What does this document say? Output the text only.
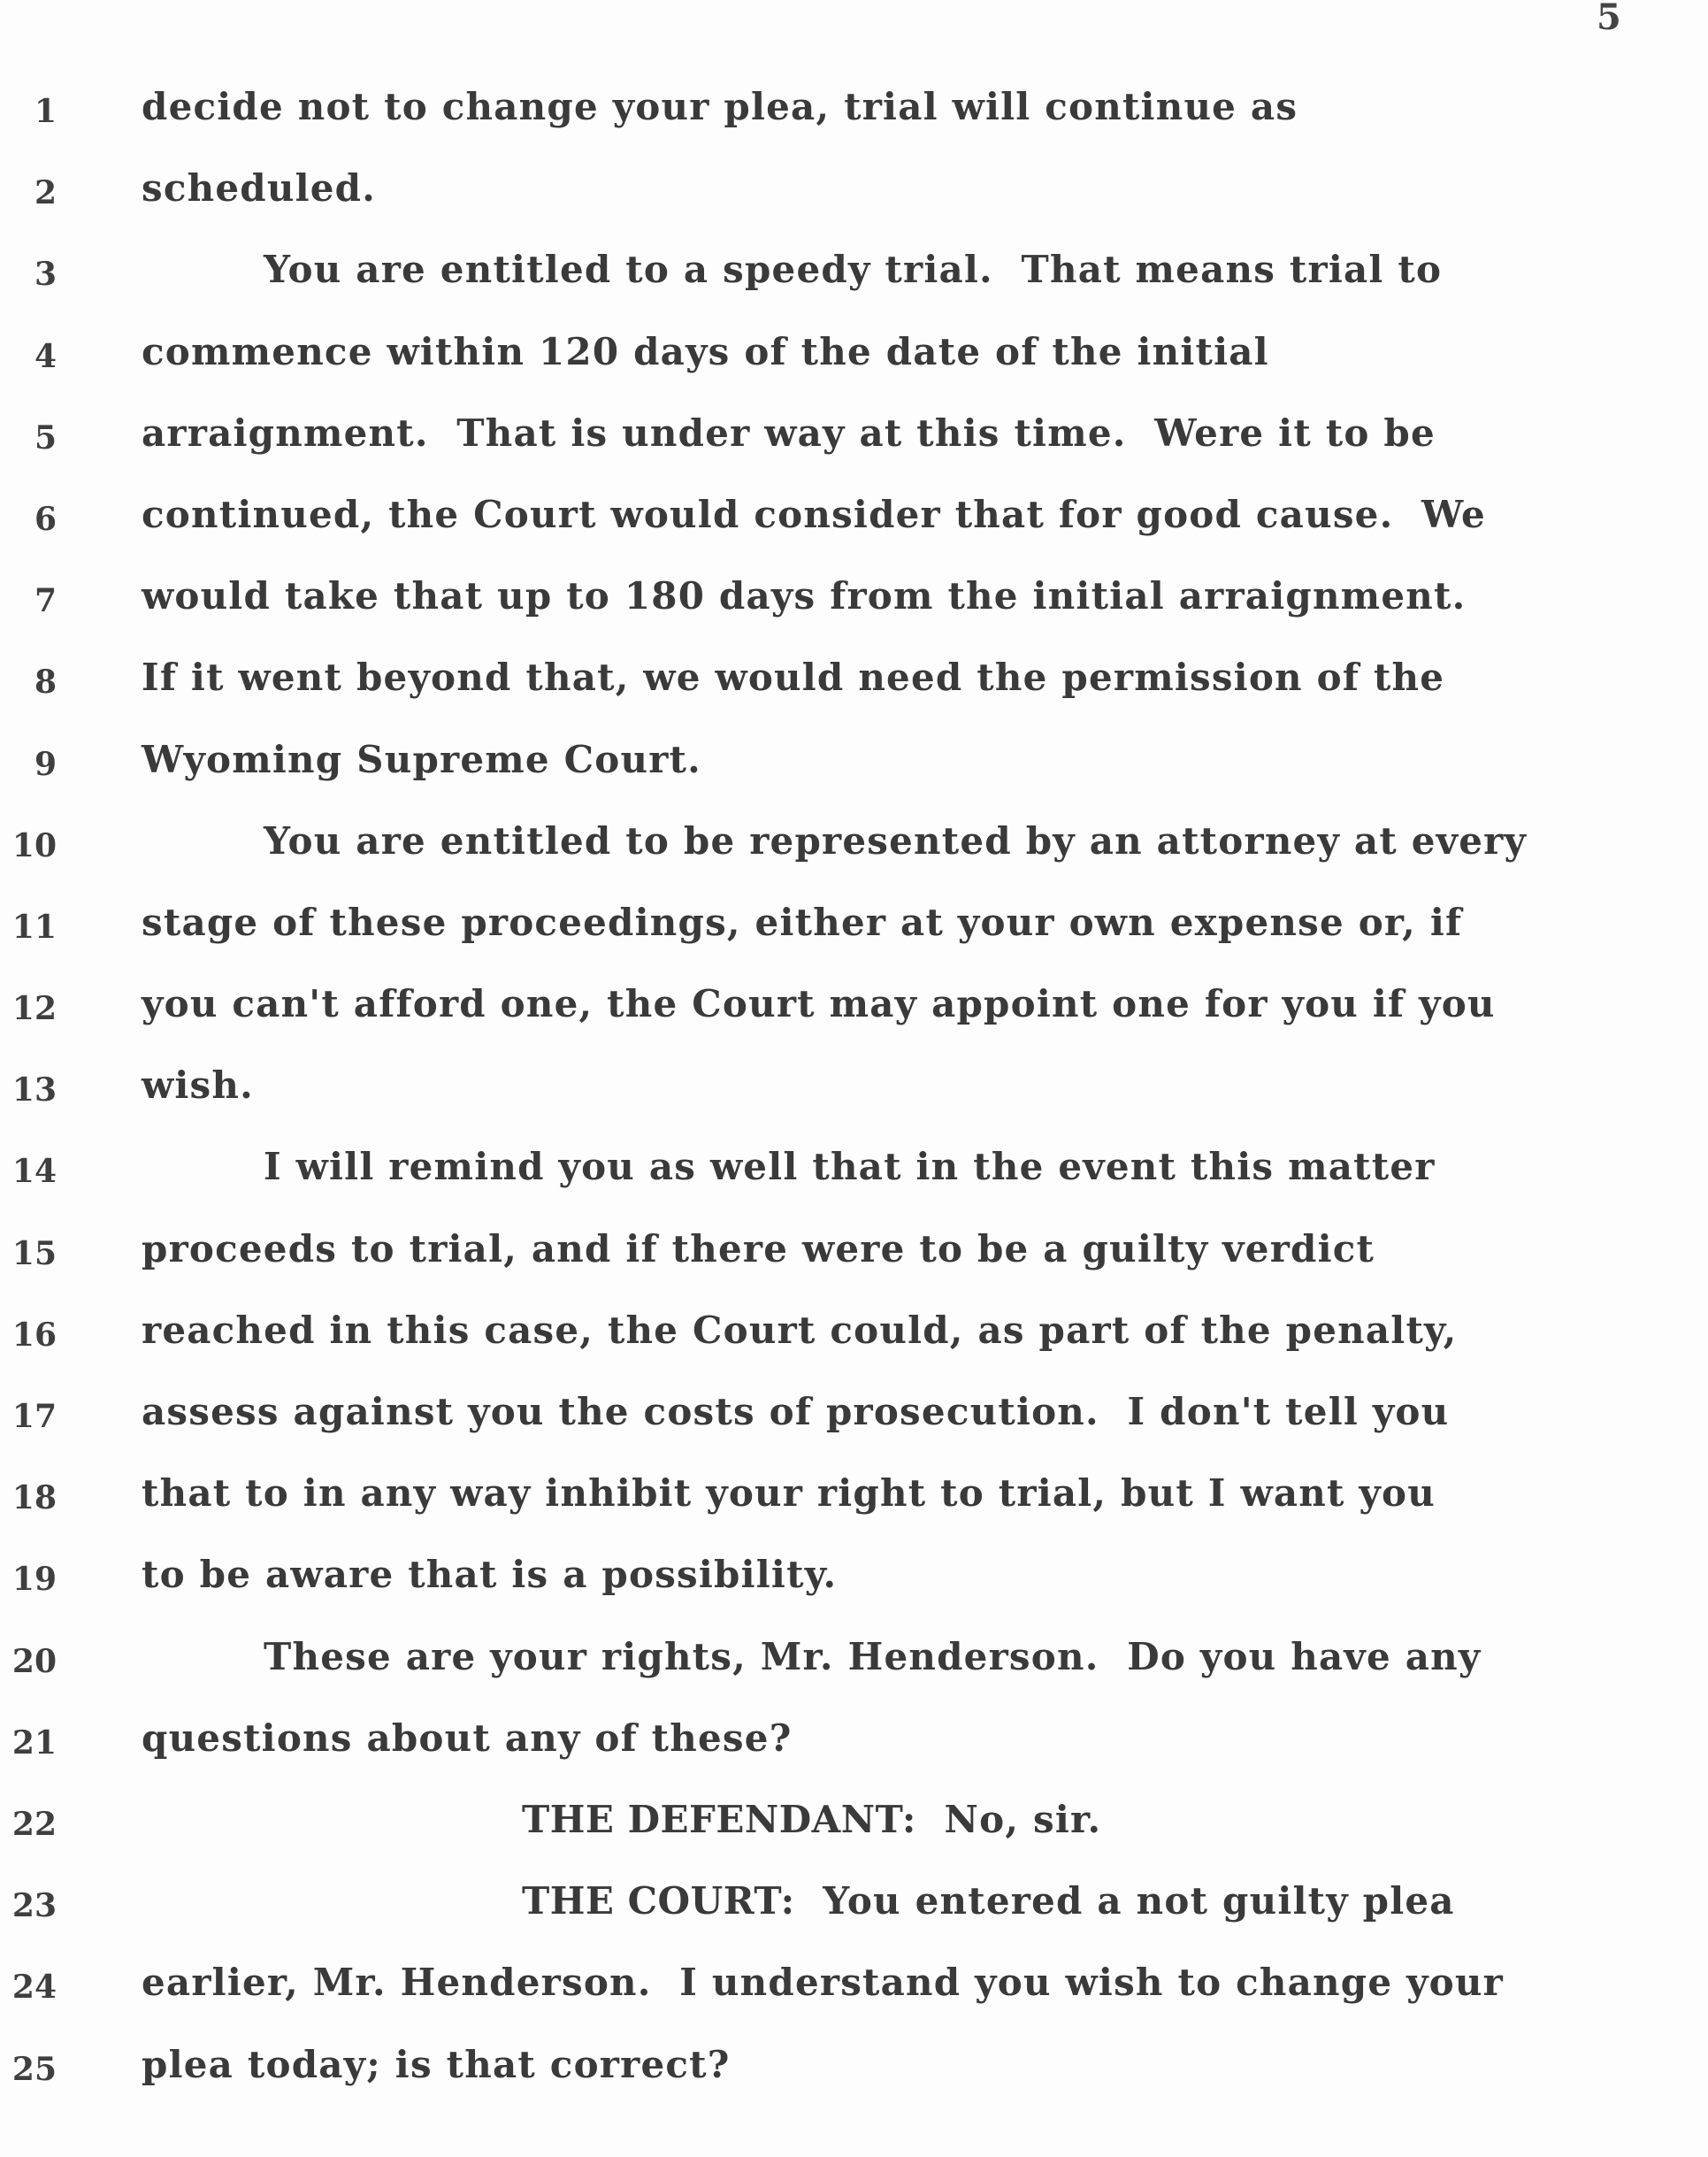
5
1 decide not to change your plea, trial will continue as
2 scheduled.
3	You are entitled to a speedy trial.  That means trial to
4 commence within 120 days of the date of the initial
5 arraignment.  That is under way at this time.  Were it to be
6 continued, the Court would consider that for good cause.  We
7 would take that up to 180 days from the initial arraignment.
8 If it went beyond that, we would need the permission of the
9 Wyoming Supreme Court.
10	You are entitled to be represented by an attorney at every
11 stage of these proceedings, either at your own expense or, if
12 you can't afford one, the Court may appoint one for you if you
13 wish.
14	I will remind you as well that in the event this matter
15 proceeds to trial, and if there were to be a guilty verdict
16 reached in this case, the Court could, as part of the penalty,
17 assess against you the costs of prosecution.  I don't tell you
18 that to in any way inhibit your right to trial, but I want you
19 to be aware that is a possibility.
20	These are your rights, Mr. Henderson.  Do you have any
21 questions about any of these?
22	THE DEFENDANT:  No, sir.
23	THE COURT:  You entered a not guilty plea
24 earlier, Mr. Henderson.  I understand you wish to change your
25 plea today; is that correct?
